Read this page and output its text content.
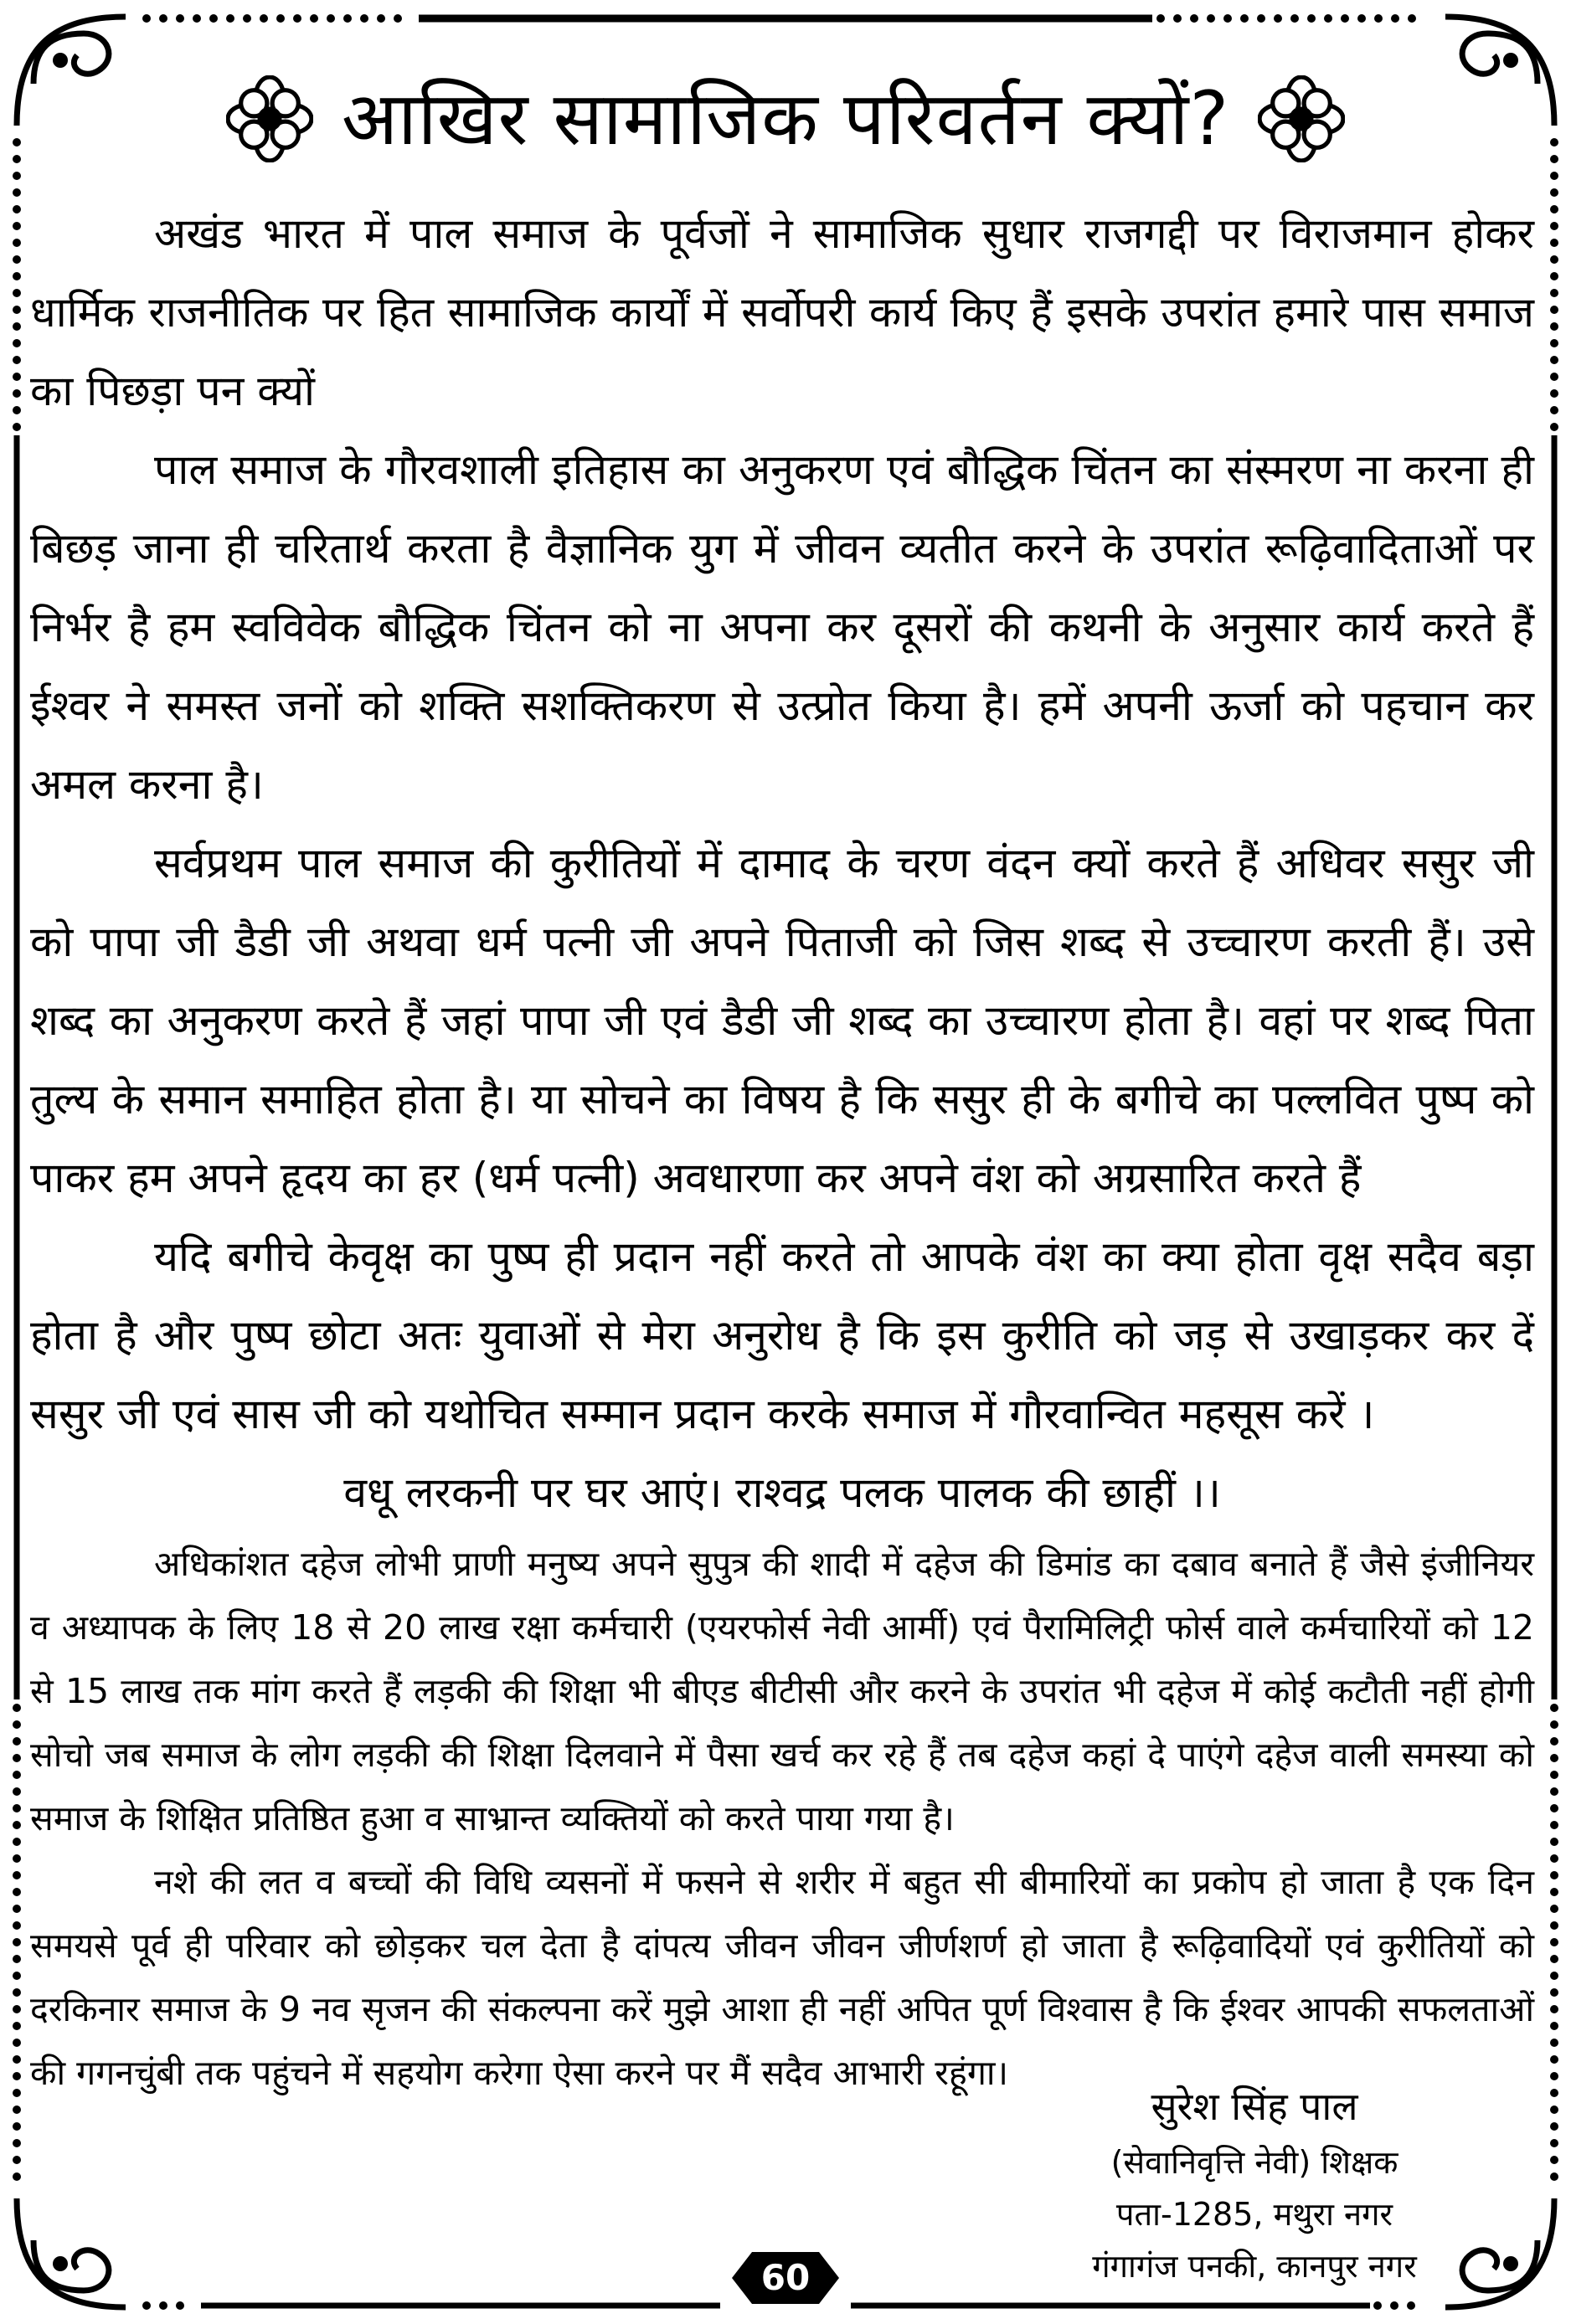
आखिर सामाजिक परिवर्तन क्यों?

अखंड भारत में पाल समाज के पूर्वजों ने सामाजिक सुधार राजगद्दी पर विराजमान होकर धार्मिक राजनीतिक पर हित सामाजिक कार्यों में सर्वोपरी कार्य किए हैं इसके उपरांत हमारे पास समाज का पिछड़ा पन क्यों

पाल समाज के गौरवशाली इतिहास का अनुकरण एवं बौद्धिक चिंतन का संस्मरण ना करना ही बिछड़ जाना ही चरितार्थ करता है वैज्ञानिक युग में जीवन व्यतीत करने के उपरांत रूढ़िवादिताओं पर निर्भर है हम स्वविवेक बौद्धिक चिंतन को ना अपना कर दूसरों की कथनी के अनुसार कार्य करते हैं ईश्वर ने समस्त जनों को शक्ति सशक्तिकरण से उत्प्रोत किया है। हमें अपनी ऊर्जा को पहचान कर अमल करना है।

सर्वप्रथम पाल समाज की कुरीतियों में दामाद के चरण वंदन क्यों करते हैं अधिवर ससुर जी को पापा जी डैडी जी अथवा धर्म पत्नी जी अपने पिताजी को जिस शब्द से उच्चारण करती हैं। उसे शब्द का अनुकरण करते हैं जहां पापा जी एवं डैडी जी शब्द का उच्चारण होता है। वहां पर शब्द पिता तुल्य के समान समाहित होता है। या सोचने का विषय है कि ससुर ही के बगीचे का पल्लवित पुष्प को पाकर हम अपने हृदय का हर (धर्म पत्नी) अवधारणा कर अपने वंश को अग्रसारित करते हैं

यदि बगीचे केवृक्ष का पुष्प ही प्रदान नहीं करते तो आपके वंश का क्या होता वृक्ष सदैव बड़ा होता है और पुष्प छोटा अतः युवाओं से मेरा अनुरोध है कि इस कुरीति को जड़ से उखाड़कर कर दें ससुर जी एवं सास जी को यथोचित सम्मान प्रदान करके समाज में गौरवान्वित महसूस करें ।

वधू लरकनी पर घर आएं। राश्वद्र पलक पालक की छाहीं ।।

अधिकांशत दहेज लोभी प्राणी मनुष्य अपने सुपुत्र की शादी में दहेज की डिमांड का दबाव बनाते हैं जैसे इंजीनियर व अध्यापक के लिए 18 से 20 लाख रक्षा कर्मचारी (एयरफोर्स नेवी आर्मी) एवं पैरामिलिट्री फोर्स वाले कर्मचारियों को 12 से 15 लाख तक मांग करते हैं लड़की की शिक्षा भी बीएड बीटीसी और करने के उपरांत भी दहेज में कोई कटौती नहीं होगी सोचो जब समाज के लोग लड़की की शिक्षा दिलवाने में पैसा खर्च कर रहे हैं तब दहेज कहां दे पाएंगे दहेज वाली समस्या को समाज के शिक्षित प्रतिष्ठित हुआ व साभ्रान्त व्यक्तियों को करते पाया गया है।

नशे की लत व बच्चों की विधि व्यसनों में फसने से शरीर में बहुत सी बीमारियों का प्रकोप हो जाता है एक दिन समयसे पूर्व ही परिवार को छोड़कर चल देता है दांपत्य जीवन जीवन जीर्णशर्ण हो जाता है रूढ़िवादियों एवं कुरीतियों को दरकिनार समाज के 9 नव सृजन की संकल्पना करें मुझे आशा ही नहीं अपित पूर्ण विश्वास है कि ईश्वर आपकी सफलताओं की गगनचुंबी तक पहुंचने में सहयोग करेगा ऐसा करने पर मैं सदैव आभारी रहूंगा।

सुरेश सिंह पाल
(सेवानिवृत्ति नेवी) शिक्षक
पता-1285, मथुरा नगर
गंगागंज पनकी, कानपुर नगर
60
